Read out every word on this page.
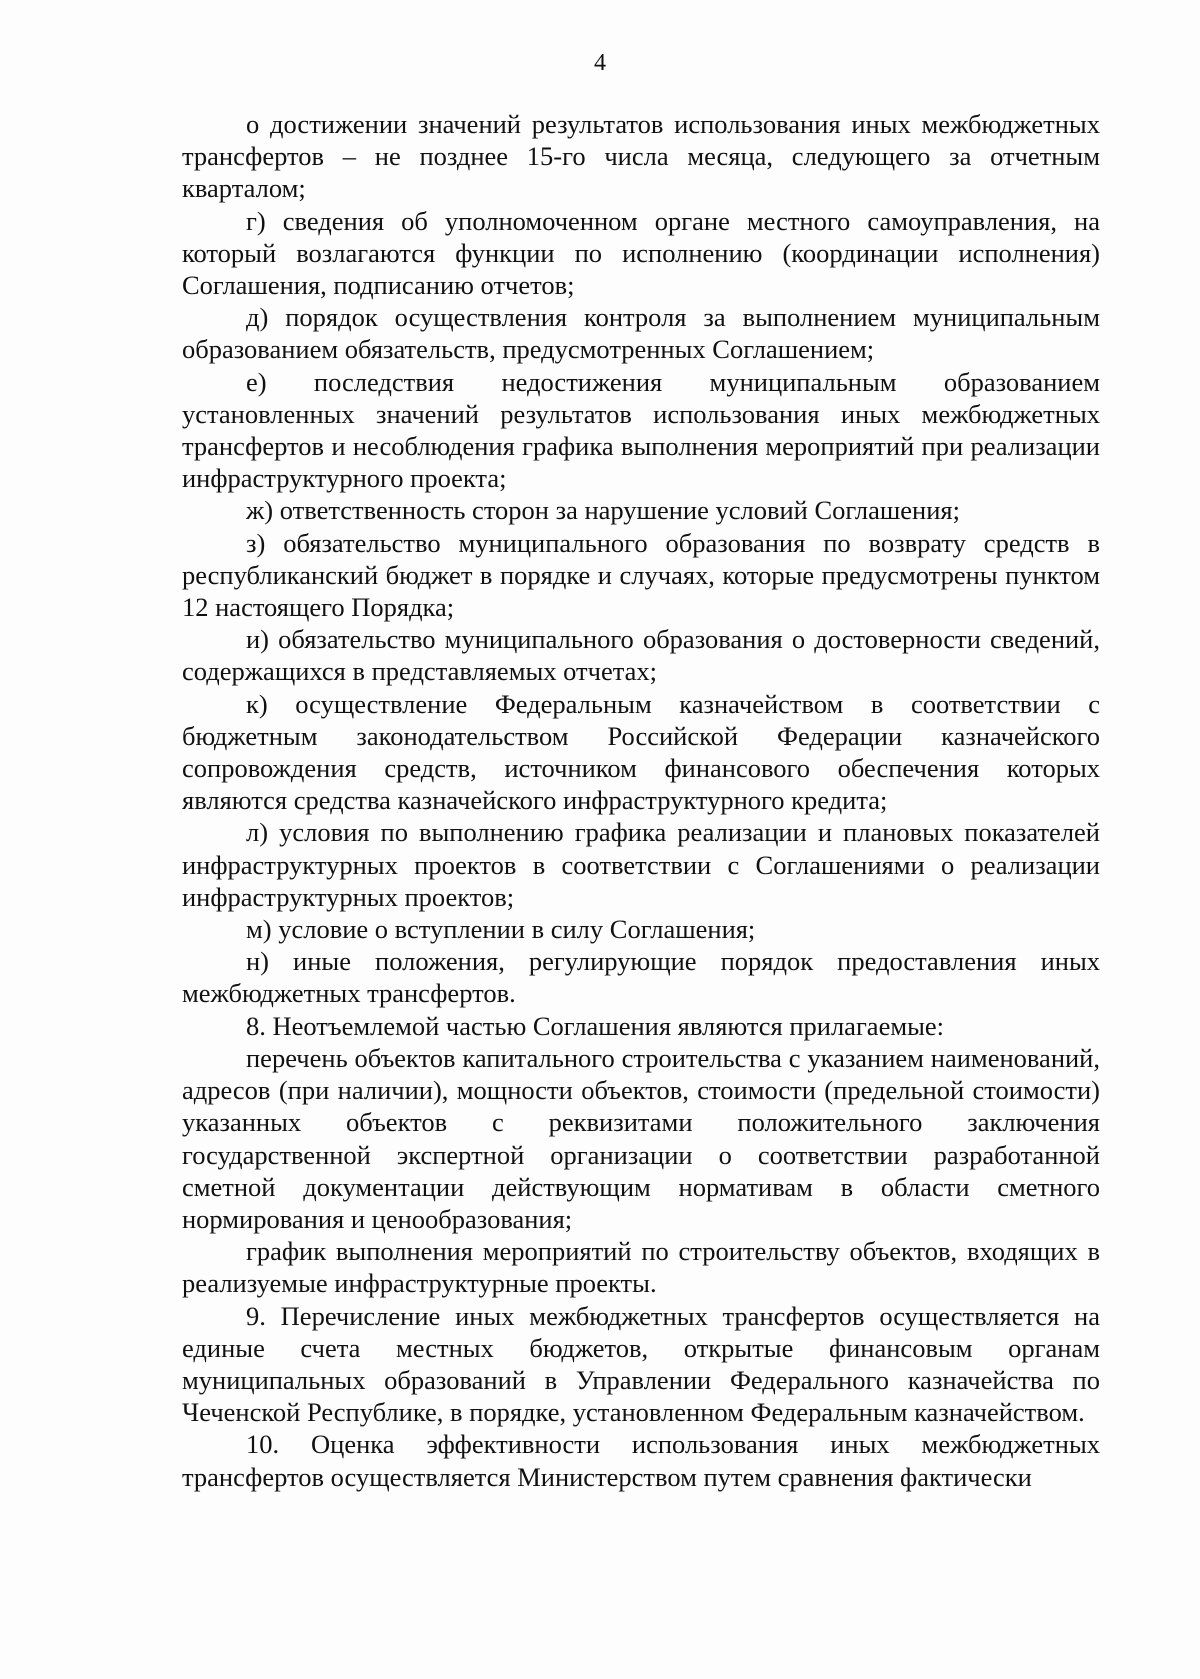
4

о достижении значений результатов использования иных межбюджетных трансфертов – не позднее 15-го числа месяца, следующего за отчетным кварталом;

г) сведения об уполномоченном органе местного самоуправления, на который возлагаются функции по исполнению (координации исполнения) Соглашения, подписанию отчетов;

д) порядок осуществления контроля за выполнением муниципальным образованием обязательств, предусмотренных Соглашением;

е) последствия недостижения муниципальным образованием установленных значений результатов использования иных межбюджетных трансфертов и несоблюдения графика выполнения мероприятий при реализации инфраструктурного проекта;

ж) ответственность сторон за нарушение условий Соглашения;

з) обязательство муниципального образования по возврату средств в республиканский бюджет в порядке и случаях, которые предусмотрены пунктом 12 настоящего Порядка;

и) обязательство муниципального образования о достоверности сведений, содержащихся в представляемых отчетах;

к) осуществление Федеральным казначейством в соответствии с бюджетным законодательством Российской Федерации казначейского сопровождения средств, источником финансового обеспечения которых являются средства казначейского инфраструктурного кредита;

л) условия по выполнению графика реализации и плановых показателей инфраструктурных проектов в соответствии с Соглашениями о реализации инфраструктурных проектов;

м) условие о вступлении в силу Соглашения;

н) иные положения, регулирующие порядок предоставления иных межбюджетных трансфертов.

8. Неотъемлемой частью Соглашения являются прилагаемые:

перечень объектов капитального строительства с указанием наименований, адресов (при наличии), мощности объектов, стоимости (предельной стоимости) указанных объектов с реквизитами положительного заключения государственной экспертной организации о соответствии разработанной сметной документации действующим нормативам в области сметного нормирования и ценообразования;

график выполнения мероприятий по строительству объектов, входящих в реализуемые инфраструктурные проекты.

9. Перечисление иных межбюджетных трансфертов осуществляется на единые счета местных бюджетов, открытые финансовым органам муниципальных образований в Управлении Федерального казначейства по Чеченской Республике, в порядке, установленном Федеральным казначейством.

10. Оценка эффективности использования иных межбюджетных трансфертов осуществляется Министерством путем сравнения фактически
